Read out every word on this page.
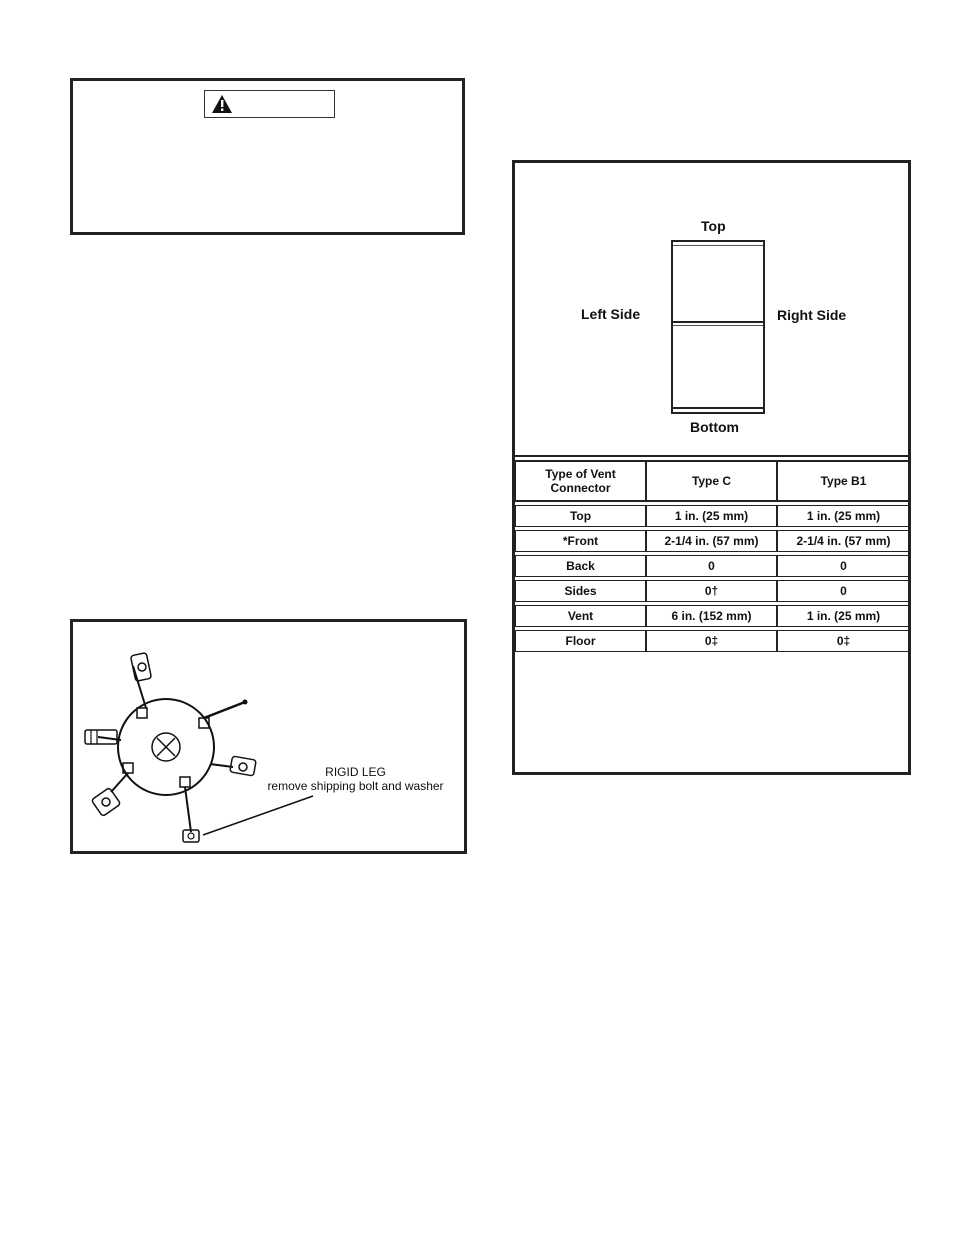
RIGID LEG
remove shipping bolt and washer
Top
Left Side	Right Side
Bottom
Type of Vent Connector	Type C	Type B1
Top	1 in. (25 mm)	1 in. (25 mm)
*Front	2-1/4 in. (57 mm)	2-1/4 in. (57 mm)
Back	0	0
Sides	0†	0
Vent	6 in. (152 mm)	1 in. (25 mm)
Floor	0‡	0‡
